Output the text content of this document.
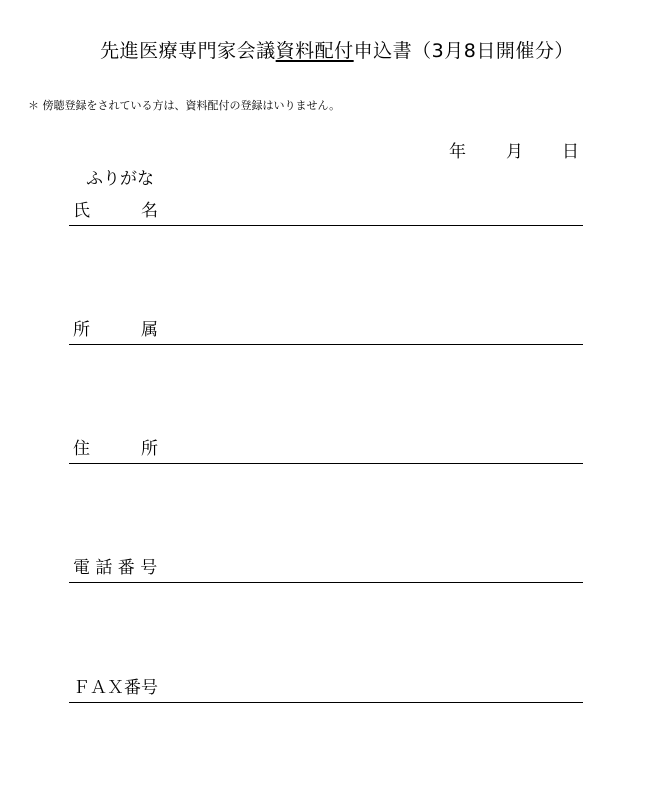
先進医療専門家会議資料配付申込書（3月8日開催分）
＊ 傍聴登録をされている方は、資料配付の登録はいりません。
年 月 日
ふりがな
氏　　　名
所　　　属
住　　　所
電 話 番 号
ＦＡＸ番号
